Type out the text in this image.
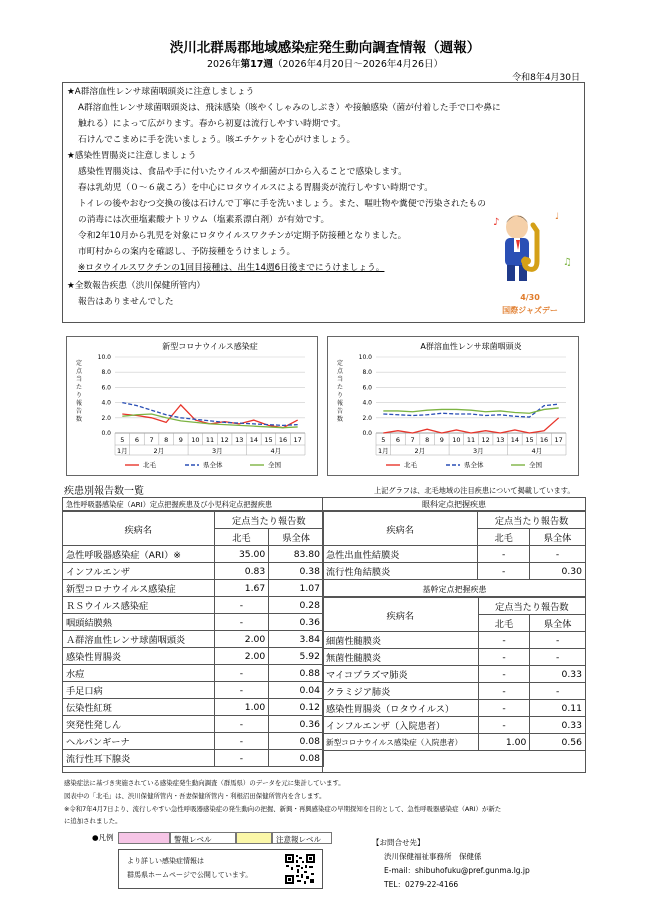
渋川北群馬郡地域感染症発生動向調査情報（週報）
2026年第17週（2026年4月20日～2026年4月26日）
令和8年4月30日
★A群溶血性レンサ球菌咽頭炎に注意しましょう
A群溶血性レンサ球菌咽頭炎は、飛沫感染（咳やくしゃみのしぶき）や接触感染（菌が付着した手で口や鼻に
触れる）によって広がります。春から初夏は流行しやすい時期です。
石けんでこまめに手を洗いましょう。咳エチケットを心がけましょう。
★感染性胃腸炎に注意しましょう
感染性胃腸炎は、食品や手に付いたウイルスや細菌が口から入ることで感染します。
春は乳幼児（０～６歳ころ）を中心にロタウイルスによる胃腸炎が流行しやすい時期です。
トイレの後やおむつ交換の後は石けんで丁寧に手を洗いましょう。また、嘔吐物や糞便で汚染されたもの
の消毒には次亜塩素酸ナトリウム（塩素系漂白剤）が有効です。
令和2年10月から乳児を対象にロタウイルスワクチンが定期予防接種となりました。
市町村からの案内を確認し、予防接種をうけましょう。
※ロタウイルスワクチンの1回目接種は、出生14週6日後までにうけましょう。
★全数報告疾患（渋川保健所管内）
報告はありませんでした
♪	♩
♫
4/30
国際ジャズデー
新型コロナウイルス感染症
定点当たり報告数
10.0
8.0
6.0
4.0
2.0
0.0
5 6 7 8 9 10 11 12 13 14 15 16 17
1月	2月	3月	4月
北毛	県全体	全国
A群溶血性レンサ球菌咽頭炎
定点当たり報告数
10.0
8.0
6.0
4.0
2.0
0.0
5 6 7 8 9 10 11 12 13 14 15 16 17
1月	2月	3月	4月
北毛	県全体	全国
疾患別報告数一覧	上記グラフは、北毛地域の注目疾患について掲載しています。
急性呼吸器感染症（ARI）定点把握疾患及び小児科定点把握疾患
疾病名	定点当たり報告数	
	北毛	県全体
急性呼吸器感染症（ARI）※	35.00	83.80
インフルエンザ	0.83	0.38
新型コロナウイルス感染症	1.67	1.07
ＲＳウイルス感染症	-	0.28
咽頭結膜熱	-	0.36
Ａ群溶血性レンサ球菌咽頭炎	2.00	3.84
感染性胃腸炎	2.00	5.92
水痘	-	0.88
手足口病	-	0.04
伝染性紅斑	1.00	0.12
突発性発しん	-	0.36
ヘルパンギーナ	-	0.08
流行性耳下腺炎	-	0.08
眼科定点把握疾患
疾病名	定点当たり報告数	
	北毛	県全体
急性出血性結膜炎	-	-
流行性角結膜炎	-	0.30
基幹定点把握疾患
疾病名	定点当たり報告数	
	北毛	県全体
細菌性髄膜炎	-	-
無菌性髄膜炎	-	-
マイコプラズマ肺炎	-	0.33
クラミジア肺炎	-	-
感染性胃腸炎（ロタウイルス）	-	0.11
インフルエンザ（入院患者）	-	0.33
新型コロナウイルス感染症（入院患者）	1.00	0.56
感染症法に基づき実施されている感染症発生動向調査（群馬県）のデータを元に集計しています。
図表中の「北毛」は、渋川保健所管内・吾妻保健所管内・利根沼田保健所管内を含します。
※令和7年4月7日より、流行しやすい急性呼吸器感染症の発生動向の把握、新興・再興感染症の早期探知を目的として、急性呼吸器感染症（ARI）が新た
に追加されました。
●凡例	警報レベル	注意報レベル
より詳しい感染症情報は
群馬県ホームページで公開しています。
【お問合せ先】
渋川保健福祉事務所　保健係
E-mail：shibuhofuku@pref.gunma.lg.jp
TEL：0279-22-4166
